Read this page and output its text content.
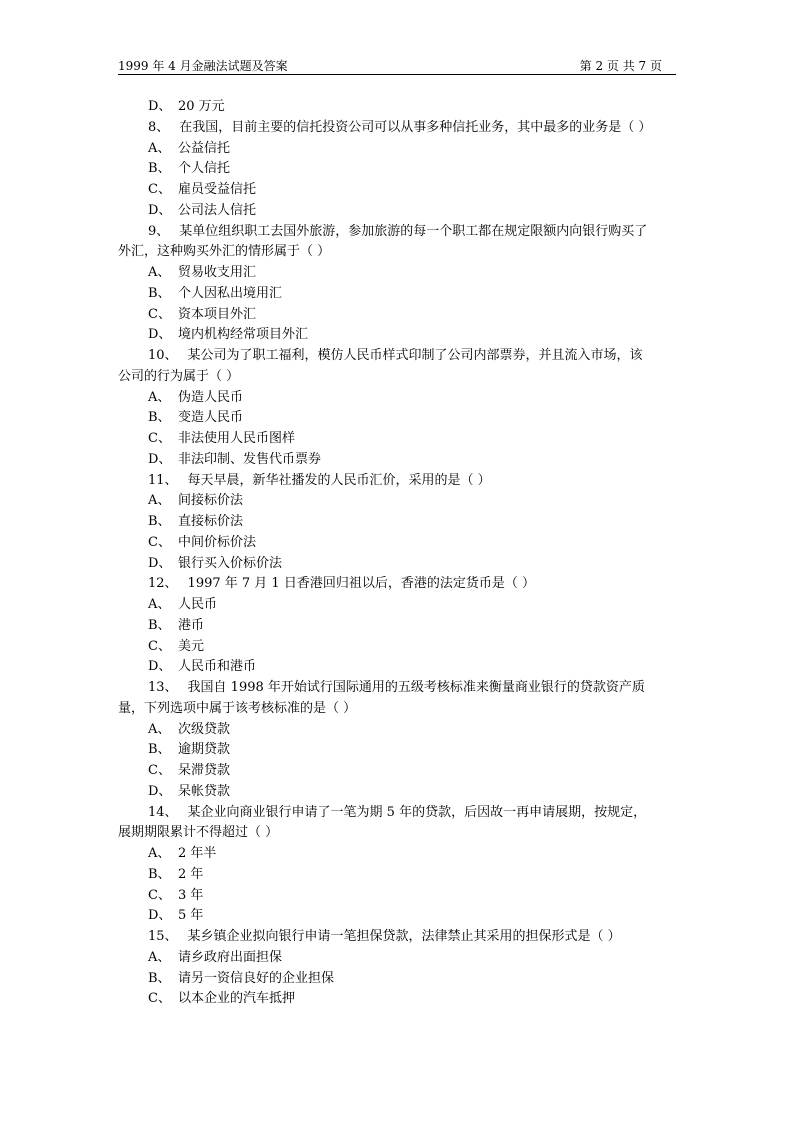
1999 年 4 月金融法试题及答案	第 2 页 共 7 页
D、 20 万元
8、 在我国，目前主要的信托投资公司可以从事多种信托业务，其中最多的业务是（ ）
A、 公益信托
B、 个人信托
C、 雇员受益信托
D、 公司法人信托
9、 某单位组织职工去国外旅游，参加旅游的每一个职工都在规定限额内向银行购买了
外汇，这种购买外汇的情形属于（ ）
A、 贸易收支用汇
B、 个人因私出境用汇
C、 资本项目外汇
D、 境内机构经常项目外汇
10、 某公司为了职工福利，模仿人民币样式印制了公司内部票券，并且流入市场，该
公司的行为属于（ ）
A、 伪造人民币
B、 变造人民币
C、 非法使用人民币图样
D、 非法印制、发售代币票券
11、 每天早晨，新华社播发的人民币汇价，采用的是（ ）
A、 间接标价法
B、 直接标价法
C、 中间价标价法
D、 银行买入价标价法
12、 1997 年 7 月 1 日香港回归祖以后，香港的法定货币是（ ）
A、 人民币
B、 港币
C、 美元
D、 人民币和港币
13、 我国自 1998 年开始试行国际通用的五级考核标准来衡量商业银行的贷款资产质
量，下列选项中属于该考核标准的是（ ）
A、 次级贷款
B、 逾期贷款
C、 呆滞贷款
D、 呆帐贷款
14、 某企业向商业银行申请了一笔为期 5 年的贷款，后因故一再申请展期，按规定，
展期期限累计不得超过（ ）
A、 2 年半
B、 2 年
C、 3 年
D、 5 年
15、 某乡镇企业拟向银行申请一笔担保贷款，法律禁止其采用的担保形式是（ ）
A、 请乡政府出面担保
B、 请另一资信良好的企业担保
C、 以本企业的汽车抵押
